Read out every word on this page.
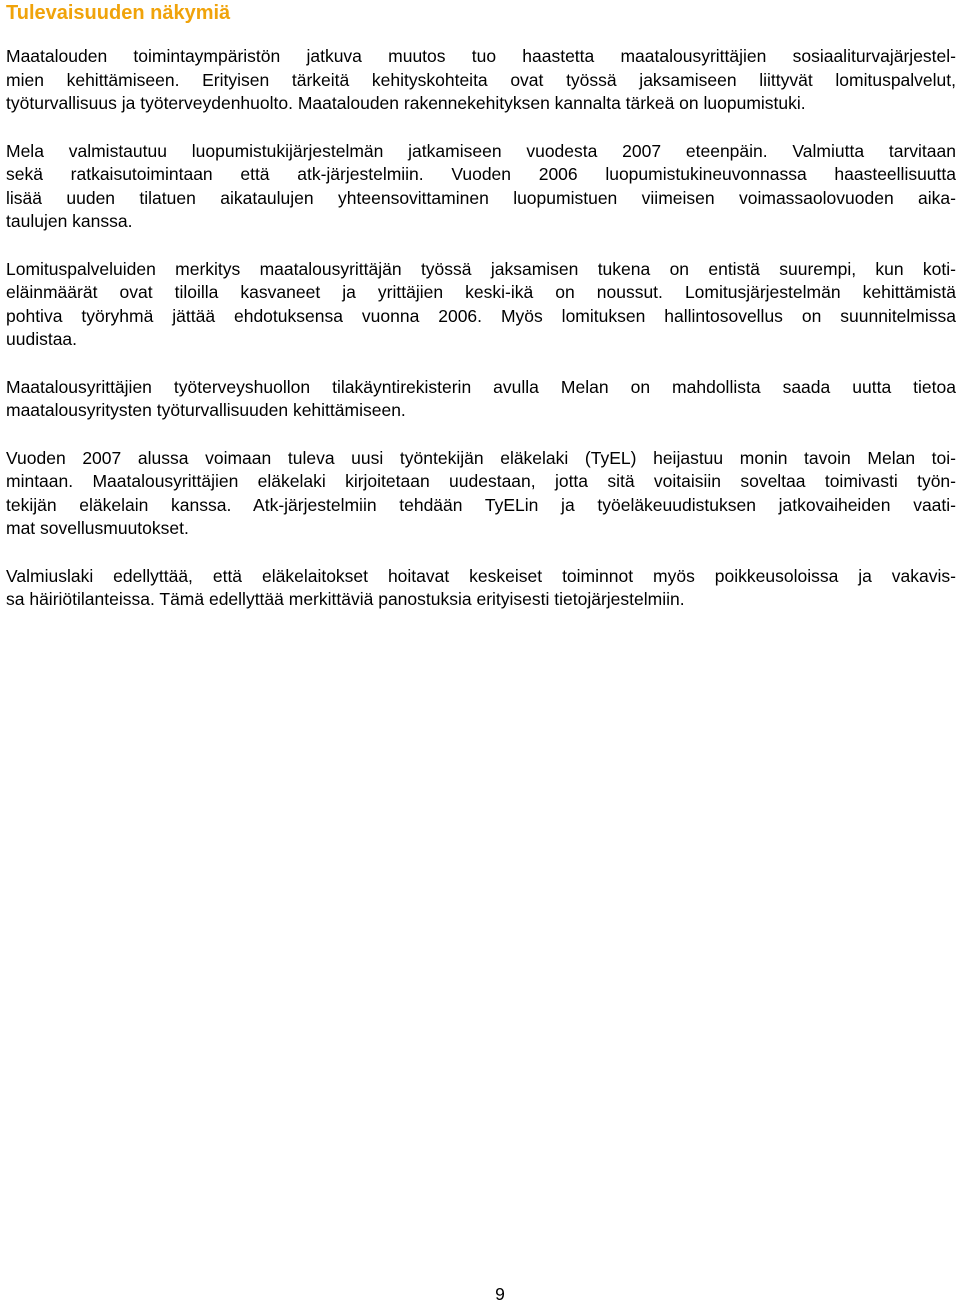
Tulevaisuuden näkymiä

Maatalouden toimintaympäristön jatkuva muutos tuo haastetta maatalousyrittäjien sosiaaliturvajärjestel-
mien kehittämiseen. Erityisen tärkeitä kehityskohteita ovat työssä jaksamiseen liittyvät lomituspalvelut,
työturvallisuus ja työterveydenhuolto. Maatalouden rakennekehityksen kannalta tärkeä on luopumistuki.

Mela valmistautuu luopumistukijärjestelmän jatkamiseen vuodesta 2007 eteenpäin. Valmiutta tarvitaan
sekä ratkaisutoimintaan että atk-järjestelmiin. Vuoden 2006 luopumistukineuvonnassa haasteellisuutta
lisää uuden tilatuen aikataulujen yhteensovittaminen luopumistuen viimeisen voimassaolovuoden aika-
taulujen kanssa.

Lomituspalveluiden merkitys maatalousyrittäjän työssä jaksamisen tukena on entistä suurempi, kun koti-
eläinmäärät ovat tiloilla kasvaneet ja yrittäjien keski-ikä on noussut. Lomitusjärjestelmän kehittämistä
pohtiva työryhmä jättää ehdotuksensa vuonna 2006. Myös lomituksen hallintosovellus on suunnitelmissa
uudistaa.

Maatalousyrittäjien työterveyshuollon tilakäyntirekisterin avulla Melan on mahdollista saada uutta tietoa
maatalousyritysten työturvallisuuden kehittämiseen.

Vuoden 2007 alussa voimaan tuleva uusi työntekijän eläkelaki (TyEL) heijastuu monin tavoin Melan toi-
mintaan. Maatalousyrittäjien eläkelaki kirjoitetaan uudestaan, jotta sitä voitaisiin soveltaa toimivasti työn-
tekijän eläkelain kanssa. Atk-järjestelmiin tehdään TyELin ja työeläkeuudistuksen jatkovaiheiden vaati-
mat sovellusmuutokset.

Valmiuslaki edellyttää, että eläkelaitokset hoitavat keskeiset toiminnot myös poikkeusoloissa ja vakavis-
sa häiriötilanteissa. Tämä edellyttää merkittäviä panostuksia erityisesti tietojärjestelmiin.

9
